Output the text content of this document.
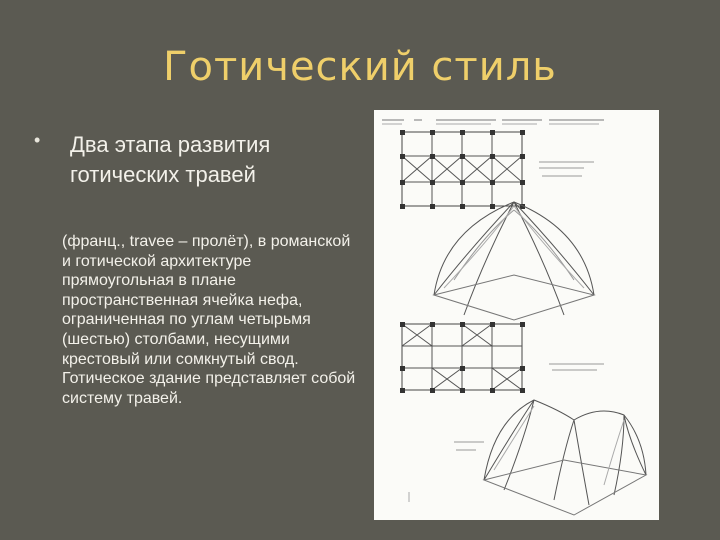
Готический стиль
• Два этапа развития готических травей
(франц., travee – пролёт), в романской и готической архитектуре прямоугольная в плане пространственная ячейка нефа, ограниченная по углам четырьмя (шестью) столбами, несущими крестовый или сомкнутый свод. Готическое здание представляет собой систему травей.
